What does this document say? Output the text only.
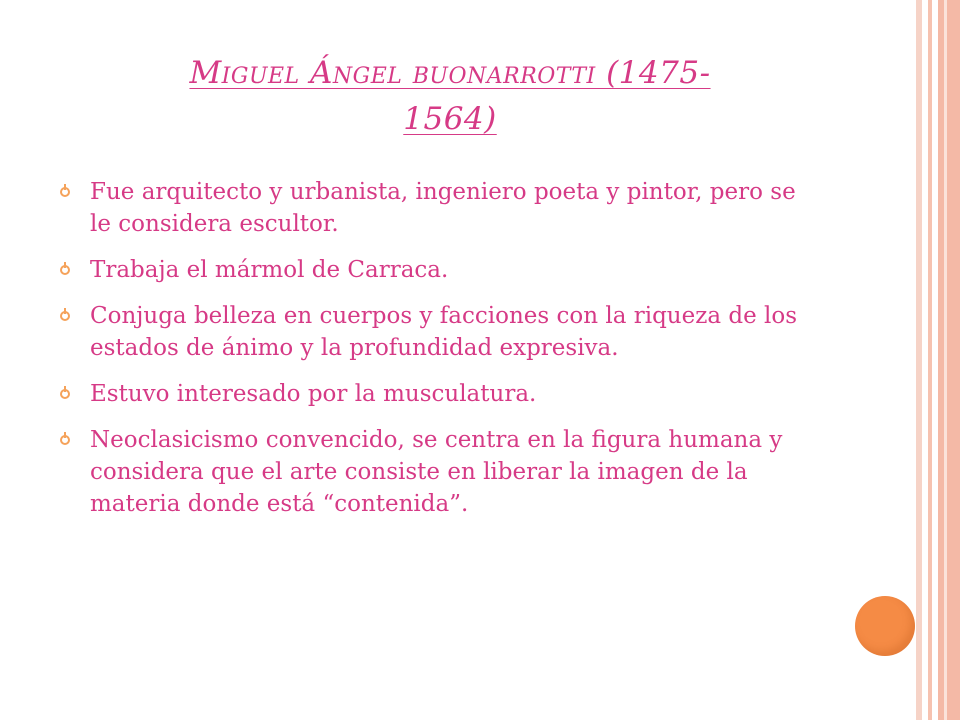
Miguel Ángel buonarrotti (1475-
1564)
Fue arquitecto y urbanista, ingeniero poeta y pintor, pero se le considera escultor.
Trabaja el mármol de Carraca.
Conjuga belleza en cuerpos y facciones con la riqueza de los estados de ánimo y la profundidad expresiva.
Estuvo interesado por la musculatura.
Neoclasicismo convencido, se centra en la figura humana y considera que el arte consiste en liberar la imagen de la materia donde está “contenida”.
